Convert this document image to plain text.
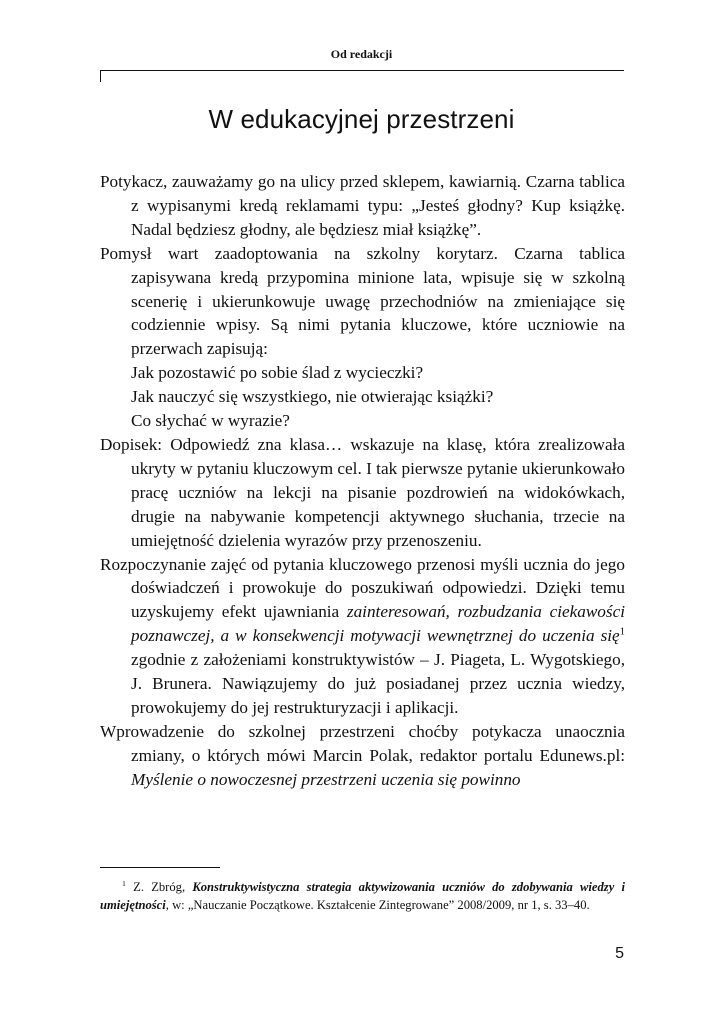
Od redakcji
W edukacyjnej przestrzeni

Potykacz, zauważamy go na ulicy przed sklepem, kawiarnią. Czarna tablica z wypisanymi kredą reklamami typu: „Jesteś głodny? Kup książkę. Nadal będziesz głodny, ale będziesz miał książkę”.

Pomysł wart zaadoptowania na szkolny korytarz. Czarna tablica zapisywana kredą przypomina minione lata, wpisuje się w szkolną scenerię i ukierunkowuje uwagę przechodniów na zmieniające się codziennie wpisy. Są nimi pytania kluczowe, które uczniowie na przerwach zapisują:

Jak pozostawić po sobie ślad z wycieczki?

Jak nauczyć się wszystkiego, nie otwierając książki?

Co słychać w wyrazie?

Dopisek: Odpowiedź zna klasa… wskazuje na klasę, która zrealizowała ukryty w pytaniu kluczowym cel. I tak pierwsze pytanie ukierunkowało pracę uczniów na lekcji na pisanie pozdrowień na widokówkach, drugie na nabywanie kompetencji aktywnego słuchania, trzecie na umiejętność dzielenia wyrazów przy przenoszeniu.

Rozpoczynanie zajęć od pytania kluczowego przenosi myśli ucznia do jego doświadczeń i prowokuje do poszukiwań odpowiedzi. Dzięki temu uzyskujemy efekt ujawniania zainteresowań, rozbudzania ciekawości poznawczej, a w konsekwencji motywacji wewnętrznej do uczenia się$^1$ zgodnie z założeniami konstruktywistów – J. Piageta, L. Wygotskiego, J. Brunera. Nawiązujemy do już posiadanej przez ucznia wiedzy, prowokujemy do jej restrukturyzacji i aplikacji.

Wprowadzenie do szkolnej przestrzeni choćby potykacza unaocznia zmiany, o których mówi Marcin Polak, redaktor portalu Edunews.pl: Myślenie o nowoczesnej przestrzeni uczenia się powinno

$^1$ Z. Zbróg, Konstruktywistyczna strategia aktywizowania uczniów do zdobywania wiedzy i umiejętności, w: „Nauczanie Początkowe. Kształcenie Zintegrowane” 2008/2009, nr 1, s. 33–40.

5
